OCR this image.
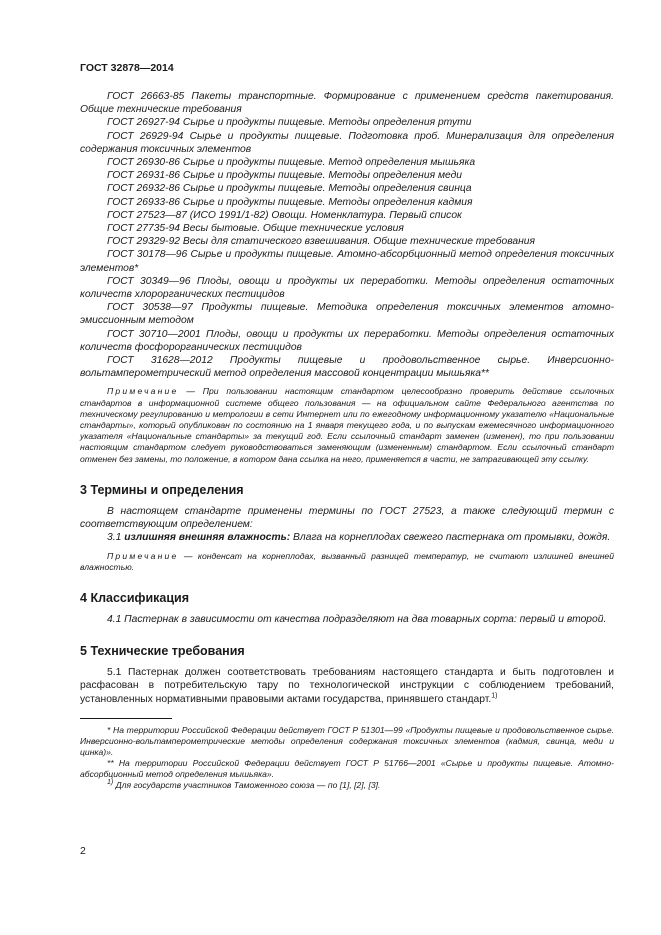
ГОСТ 32878—2014

ГОСТ 26663-85 Пакеты транспортные. Формирование с применением средств пакетирования. Общие технические требования

ГОСТ 26927-94 Сырье и продукты пищевые. Методы определения ртути

ГОСТ 26929-94 Сырье и продукты пищевые. Подготовка проб. Минерализация для определения содержания токсичных элементов

ГОСТ 26930-86 Сырье и продукты пищевые. Метод определения мышьяка

ГОСТ 26931-86 Сырье и продукты пищевые. Методы определения меди

ГОСТ 26932-86 Сырье и продукты пищевые. Методы определения свинца

ГОСТ 26933-86 Сырье и продукты пищевые. Методы определения кадмия

ГОСТ 27523—87 (ИСО 1991/1-82) Овощи. Номенклатура. Первый список

ГОСТ 27735-94 Весы бытовые. Общие технические условия

ГОСТ 29329-92 Весы для статического взвешивания. Общие технические требования

ГОСТ 30178—96 Сырье и продукты пищевые. Атомно-абсорбционный метод определения токсичных элементов*

ГОСТ 30349—96 Плоды, овощи и продукты их переработки. Методы определения остаточных количеств хлорорганических пестицидов

ГОСТ 30538—97 Продукты пищевые. Методика определения токсичных элементов атомно-эмиссионным методом

ГОСТ 30710—2001 Плоды, овощи и продукты их переработки. Методы определения остаточных количеств фосфорорганических пестицидов

ГОСТ 31628—2012 Продукты пищевые и продовольственное сырье. Инверсионно-вольтамперометрический метод определения массовой концентрации мышьяка**

Примечание — При пользовании настоящим стандартом целесообразно проверить действие ссылочных стандартов в информационной системе общего пользования — на официальном сайте Федерального агентства по техническому регулированию и метрологии в сети Интернет или по ежегодному информационному указателю «Национальные стандарты», который опубликован по состоянию на 1 января текущего года, и по выпускам ежемесячного информационного указателя «Национальные стандарты» за текущий год. Если ссылочный стандарт заменен (изменен), то при пользовании настоящим стандартом следует руководствоваться заменяющим (измененным) стандартом. Если ссылочный стандарт отменен без замены, то положение, в котором дана ссылка на него, применяется в части, не затрагивающей эту ссылку.

3 Термины и определения

В настоящем стандарте применены термины по ГОСТ 27523, а также следующий термин с соответствующим определением:

3.1 излишняя внешняя влажность: Влага на корнеплодах свежего пастернака от промывки, дождя.

Примечание — конденсат на корнеплодах, вызванный разницей температур, не считают излишней внешней влажностью.

4 Классификация

4.1 Пастернак в зависимости от качества подразделяют на два товарных сорта: первый и второй.

5 Технические требования

5.1 Пастернак должен соответствовать требованиям настоящего стандарта и быть подготовлен и расфасован в потребительскую тару по технологической инструкции с соблюдением требований, установленных нормативными правовыми актами государства, принявшего стандарт.$^{1)}$

* На территории Российской Федерации действует ГОСТ Р 51301—99 «Продукты пищевые и продовольственное сырье. Инверсионно-вольтамперометрические методы определения содержания токсичных элементов (кадмия, свинца, меди и цинка)».

** На территории Российской Федерации действует ГОСТ Р 51766—2001 «Сырье и продукты пищевые. Атомно-абсорбционный метод определения мышьяка».

$^{1)}$ Для государств участников Таможенного союза — по [1], [2], [3].

2
